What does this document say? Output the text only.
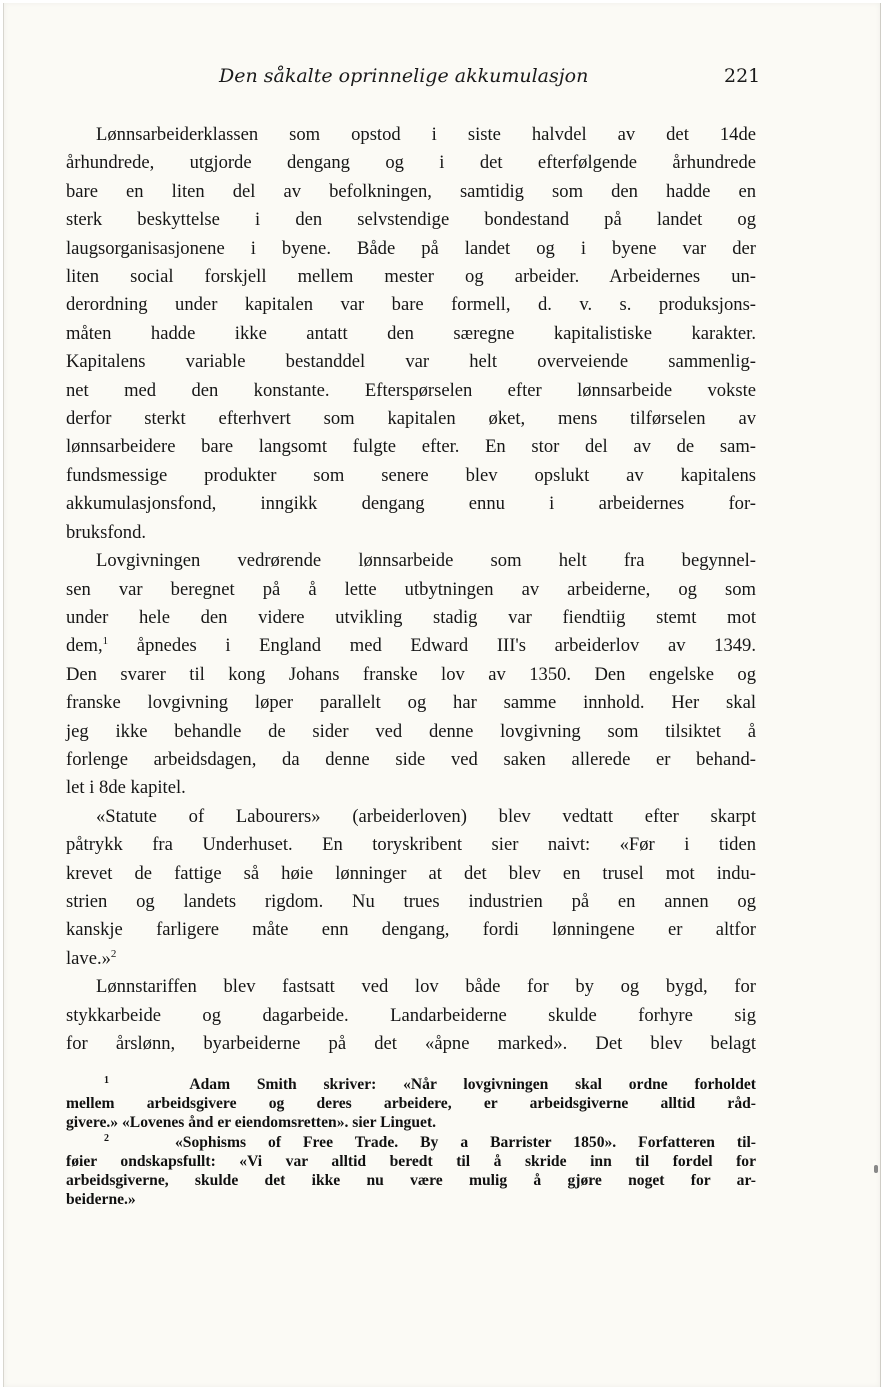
Den såkalte oprinnelige akkumulasjon	221
Lønnsarbeiderklassen som opstod i siste halvdel av det 14de
århundrede, utgjorde dengang og i det efterfølgende århundrede
bare en liten del av befolkningen, samtidig som den hadde en
sterk beskyttelse i den selvstendige bondestand på landet og
laugsorganisasjonene i byene. Både på landet og i byene var der
liten social forskjell mellem mester og arbeider. Arbeidernes un-
derordning under kapitalen var bare formell, d. v. s. produksjons-
måten hadde ikke antatt den særegne kapitalistiske karakter.
Kapitalens variable bestanddel var helt overveiende sammenlig-
net med den konstante. Efterspørselen efter lønnsarbeide vokste
derfor sterkt efterhvert som kapitalen øket, mens tilførselen av
lønnsarbeidere bare langsomt fulgte efter. En stor del av de sam-
fundsmessige produkter som senere blev opslukt av kapitalens
akkumulasjonsfond, inngikk dengang ennu i arbeidernes for-
bruksfond.
Lovgivningen vedrørende lønnsarbeide som helt fra begynnel-
sen var beregnet på å lette utbytningen av arbeiderne, og som
under hele den videre utvikling stadig var fiendtiig stemt mot
dem,$^1$ åpnedes i England med Edward III's arbeiderlov av 1349.
Den svarer til kong Johans franske lov av 1350. Den engelske og
franske lovgivning løper parallelt og har samme innhold. Her skal
jeg ikke behandle de sider ved denne lovgivning som tilsiktet å
forlenge arbeidsdagen, da denne side ved saken allerede er behand-
let i 8de kapitel.
«Statute of Labourers» (arbeiderloven) blev vedtatt efter skarpt
påtrykk fra Underhuset. En toryskribent sier naivt: «Før i tiden
krevet de fattige så høie lønninger at det blev en trusel mot indu-
strien og landets rigdom. Nu trues industrien på en annen og
kanskje farligere måte enn dengang, fordi lønningene er altfor
lave.»$^2$
Lønnstariffen blev fastsatt ved lov både for by og bygd, for
stykkarbeide og dagarbeide. Landarbeiderne skulde forhyre sig
for årslønn, byarbeiderne på det «åpne marked». Det blev belagt
$^1$	Adam Smith skriver: «Når lovgivningen skal ordne forholdet
mellem arbeidsgivere og deres arbeidere, er arbeidsgiverne alltid råd-
givere.» «Lovenes ånd er eiendomsretten». sier Linguet.
$^2$	«Sophisms of Free Trade. By a Barrister 1850». Forfatteren til-
føier ondskapsfullt: «Vi var alltid beredt til å skride inn til fordel for
arbeidsgiverne, skulde det ikke nu være mulig å gjøre noget for ar-
beiderne.»
